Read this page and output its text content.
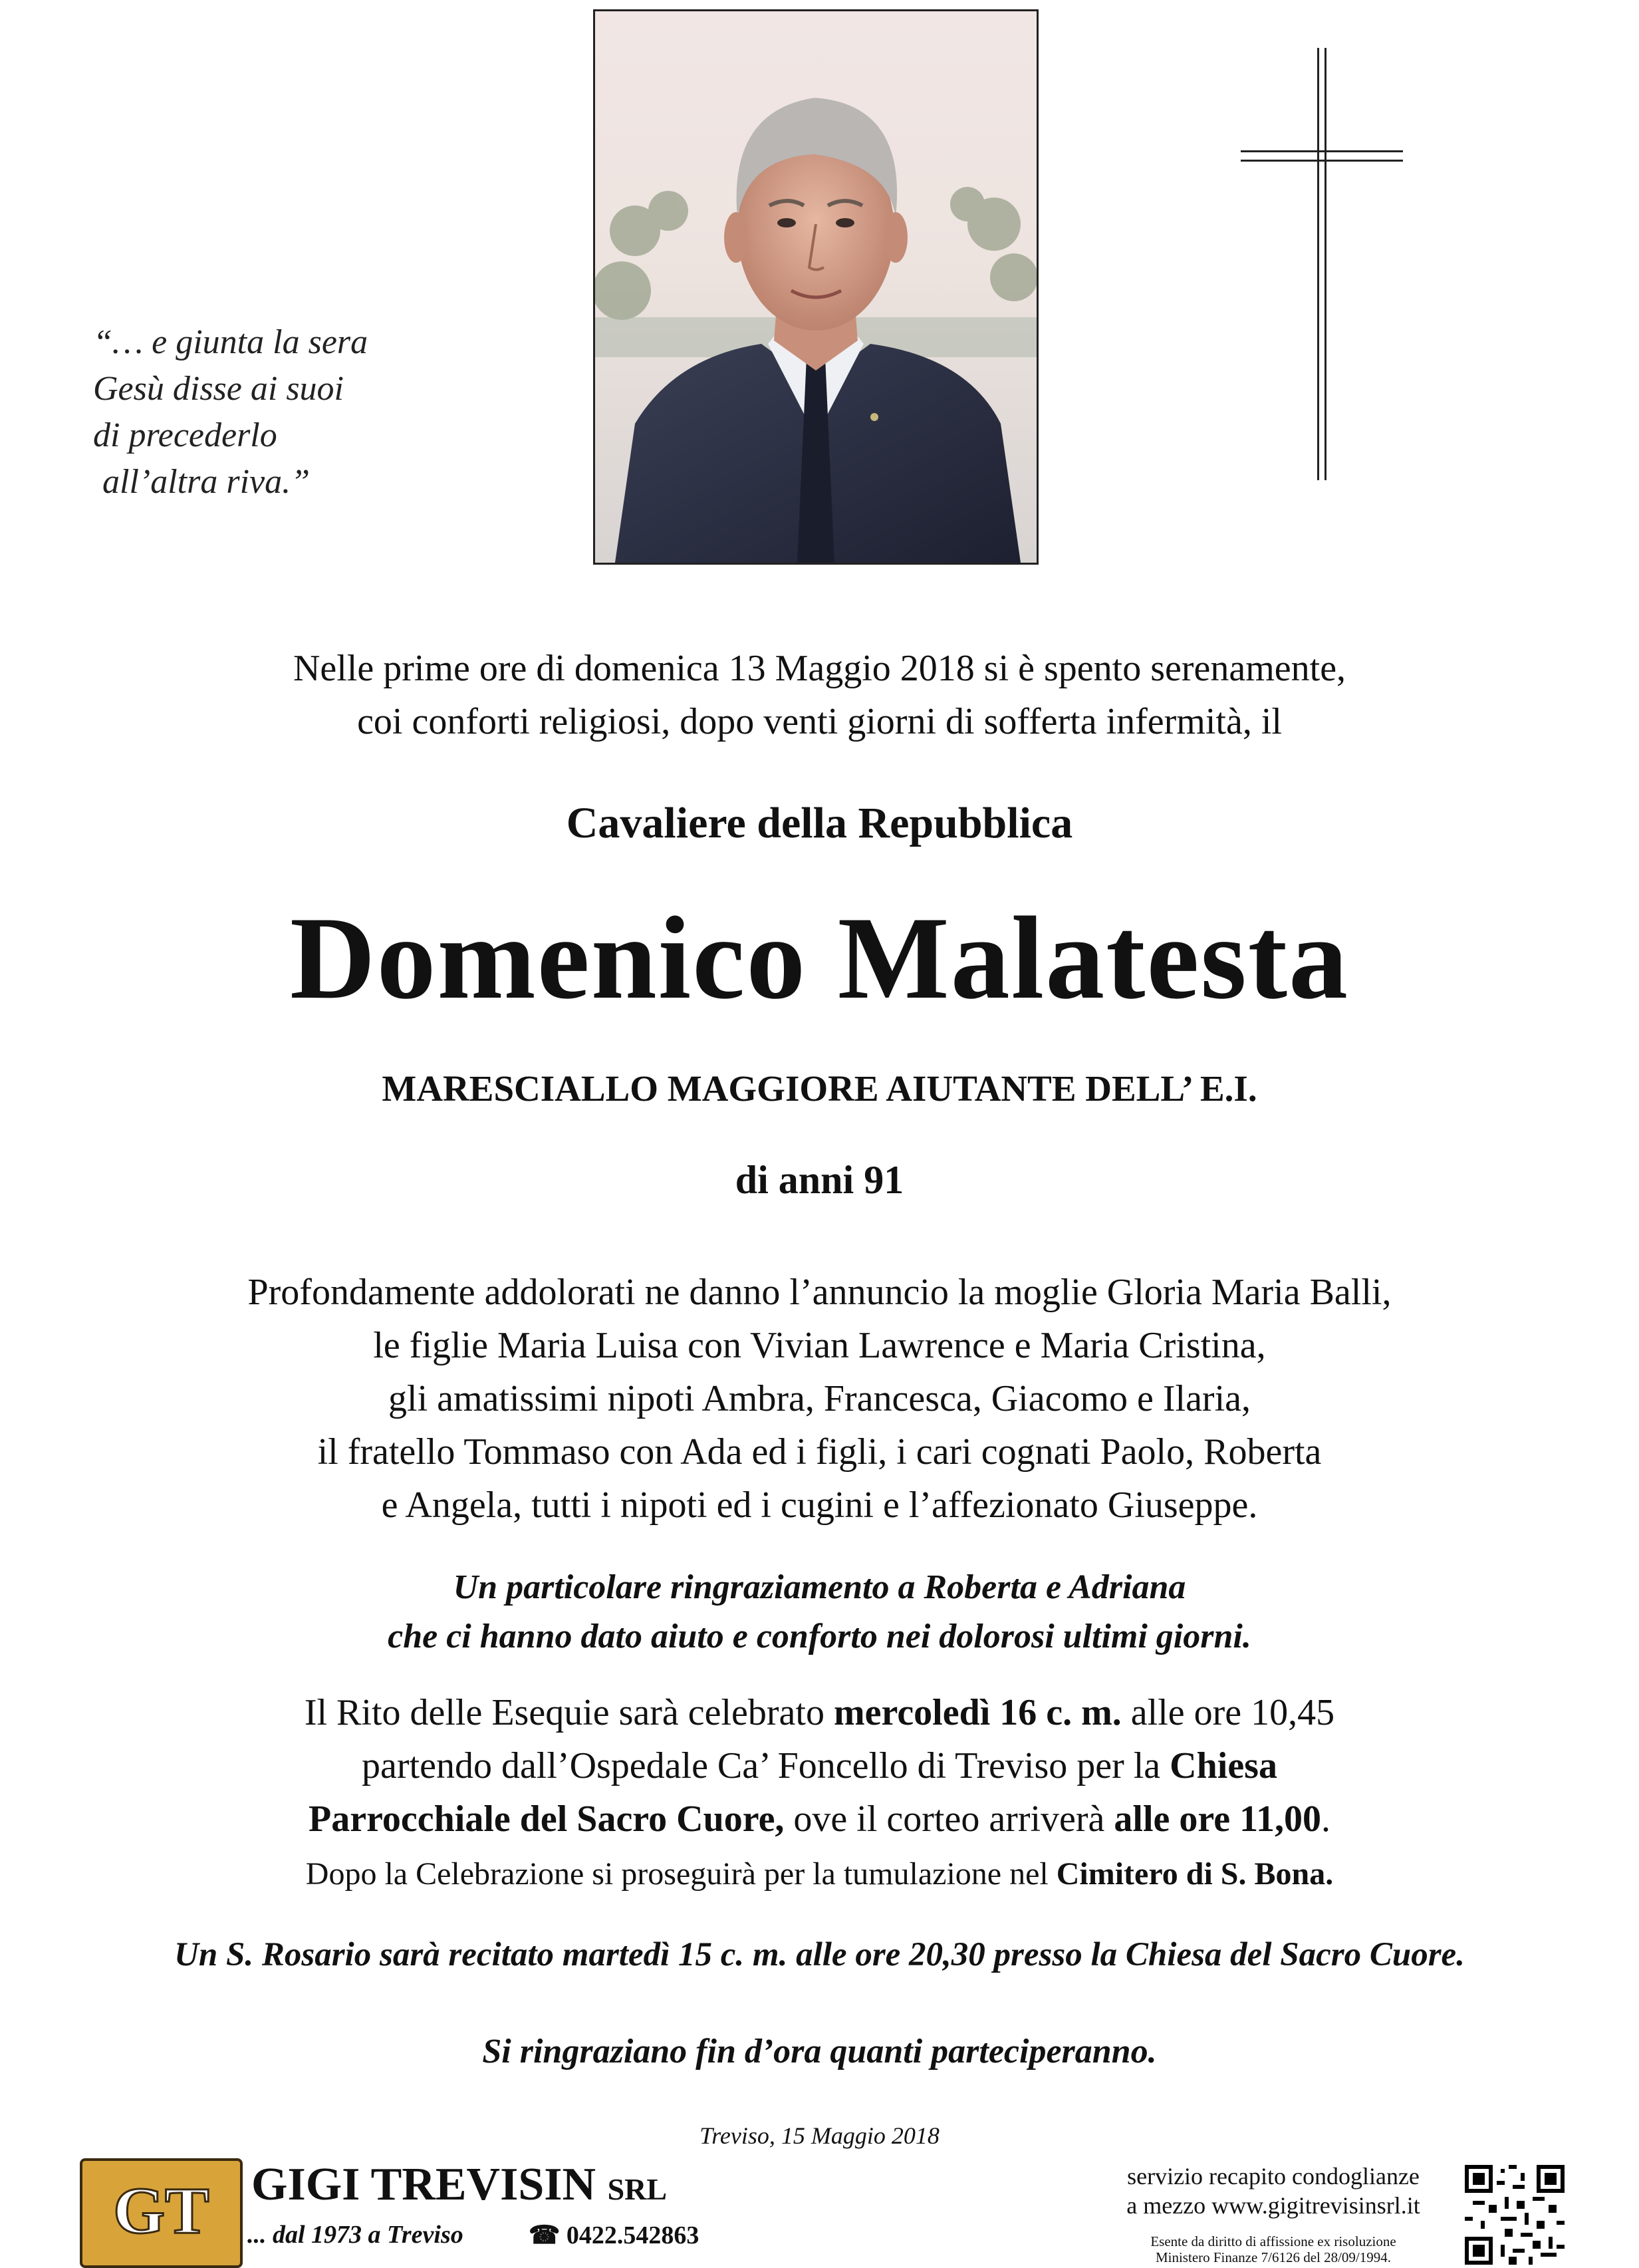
“… e giunta la sera
Gesù disse ai suoi
di precederlo
all’altra riva.”
Nelle prime ore di domenica 13 Maggio 2018 si è spento serenamente,
coi conforti religiosi, dopo venti giorni di sofferta infermità, il
Cavaliere della Repubblica
Domenico Malatesta
MARESCIALLO MAGGIORE AIUTANTE DELL’ E.I.
di anni 91
Profondamente addolorati ne danno l’annuncio la moglie Gloria Maria Balli,
le figlie Maria Luisa con Vivian Lawrence e Maria Cristina,
gli amatissimi nipoti Ambra, Francesca, Giacomo e Ilaria,
il fratello Tommaso con Ada ed i figli, i cari cognati Paolo, Roberta
e Angela, tutti i nipoti ed i cugini e l’affezionato Giuseppe.
Un particolare ringraziamento a Roberta e Adriana
che ci hanno dato aiuto e conforto nei dolorosi ultimi giorni.
Il Rito delle Esequie sarà celebrato mercoledì 16 c. m. alle ore 10,45
partendo dall’Ospedale Ca’ Foncello di Treviso per la Chiesa
Parrocchiale del Sacro Cuore, ove il corteo arriverà alle ore 11,00.
Dopo la Celebrazione si proseguirà per la tumulazione nel Cimitero di S. Bona.
Un S. Rosario sarà recitato martedì 15 c. m. alle ore 20,30 presso la Chiesa del Sacro Cuore.
Si ringraziano fin d’ora quanti parteciperanno.
Treviso, 15 Maggio 2018
GT GIGI TREVISIN SRL
... dal 1973 a Treviso	☎ 0422.542863
servizio recapito condoglianze
a mezzo www.gigitrevisinsrl.it
Esente da diritto di affissione ex risoluzione
Ministero Finanze 7/6126 del 28/09/1994.
